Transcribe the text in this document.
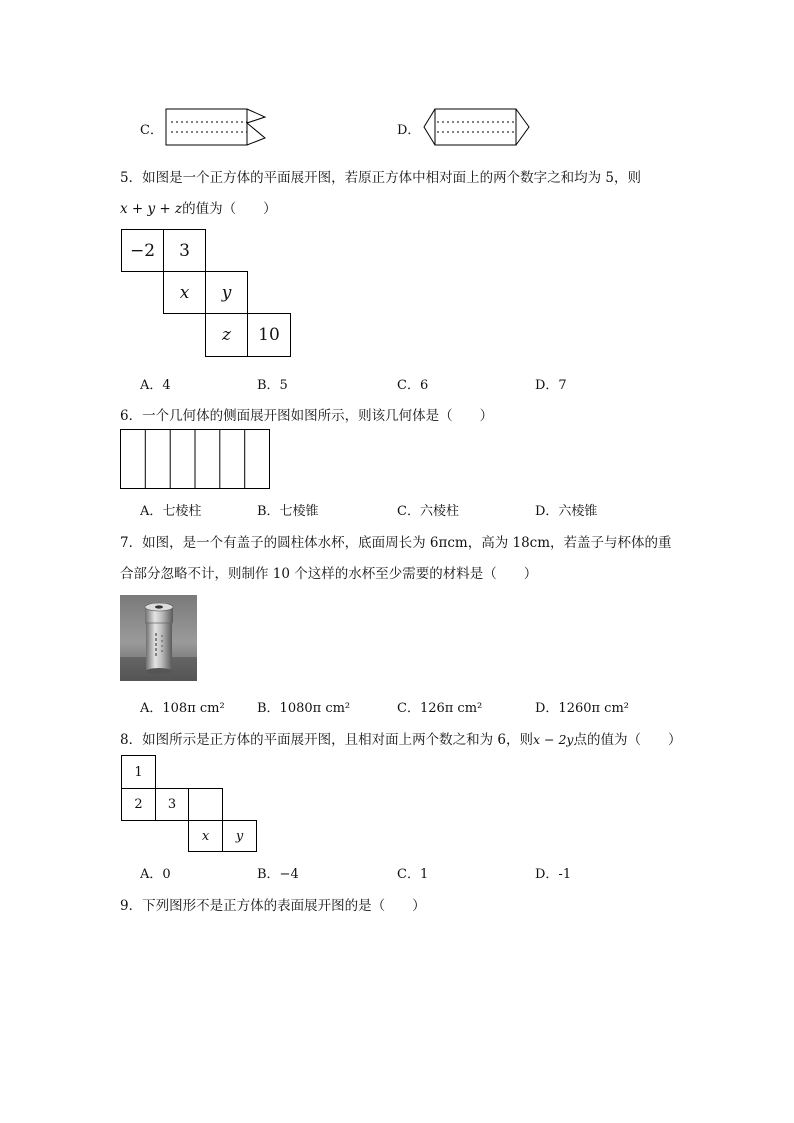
C．	D．
5．如图是一个正方体的平面展开图，若原正方体中相对面上的两个数字之和均为 5，则
x + y + z的值为（　　）
−2	3
x	y
z	10
A．4	B．5	C．6	D．7
6．一个几何体的侧面展开图如图所示，则该几何体是（　　）
A．七棱柱	B．七棱锥	C．六棱柱	D．六棱锥
7．如图，是一个有盖子的圆柱体水杯，底面周长为 6πcm，高为 18cm，若盖子与杯体的重
合部分忽略不计，则制作 10 个这样的水杯至少需要的材料是（　　）
A．108π cm² B．1080π cm²	C．126π cm²	D．1260π cm²
8．如图所示是正方体的平面展开图，且相对面上两个数之和为 6，则x − 2y点的值为（　　）
1
2	3
x	y
A．0	B．−4	C．1	D．-1
9．下列图形不是正方体的表面展开图的是（　　）
